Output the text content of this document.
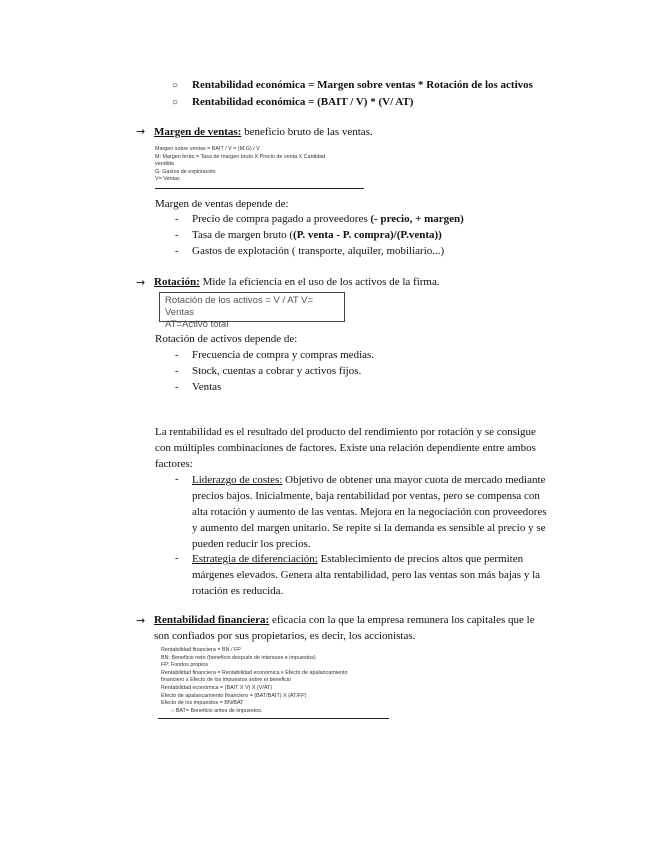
○ Rentabilidad económica = Margen sobre ventas * Rotación de los activos
○ Rentabilidad económica = (BAIT / V) * (V/ AT)
→ Margen de ventas: beneficio bruto de las ventas.
Margen sobre ventas = BAIT / V = (M.G) / V
M: Margen bruto = Tasa de margen bruto X Precio de venta X Cantidad
vendida
G: Gastos de explotación
V= Ventas
Margen de ventas depende de:
- Precio de compra pagado a proveedores (- precio, + margen)
- Tasa de margen bruto ((P. venta - P. compra)/(P.venta))
- Gastos de explotación ( transporte, alquiler, mobiliario...)
→ Rotación: Mide la eficiencia en el uso de los activos de la firma.
Rotación de los activos = V / AT V= Ventas
AT=Activo total
Rotación de activos depende de:
- Frecuencia de compra y compras medias.
- Stock, cuentas a cobrar y activos fijos.
- Ventas
La rentabilidad es el resultado del producto del rendimiento por rotación y se consigue
con múltiples combinaciones de factores. Existe una relación dependiente entre ambos
factores:
- Liderazgo de costes: Objetivo de obtener una mayor cuota de mercado mediante
precios bajos. Inicialmente, baja rentabilidad por ventas, pero se compensa con
alta rotación y aumento de las ventas. Mejora en la negociación con proveedores
y aumento del margen unitario. Se repite si la demanda es sensible al precio y se
pueden reducir los precios.
- Estrategia de diferenciación: Establecimiento de precios altos que permiten
márgenes elevados. Genera alta rentabilidad, pero las ventas son más bajas y la
rotación es reducida.
→ Rentabilidad financiera: eficacia con la que la empresa remunera los capitales que le
son confiados por sus propietarios, es decir, los accionistas.
Rentabilidad financiera = BN / FP
BN: Beneficio neto (beneficio después de intereses e impuestos)
FP: Fondos propios
Rentabilidad financiera = Rentabilidad económica x Efecto de apalancamiento
financiero x Efecto de los impuestos sobre el beneficio
Rentabilidad económica = (BAIT X V) X (V/AT)
Efecto de apalancamiento financiero = (BAT/BAIT) X (AT/FP)
Efecto de los impuestos = BN/BAT
○ BAT= Beneficio antes de impuestos.
